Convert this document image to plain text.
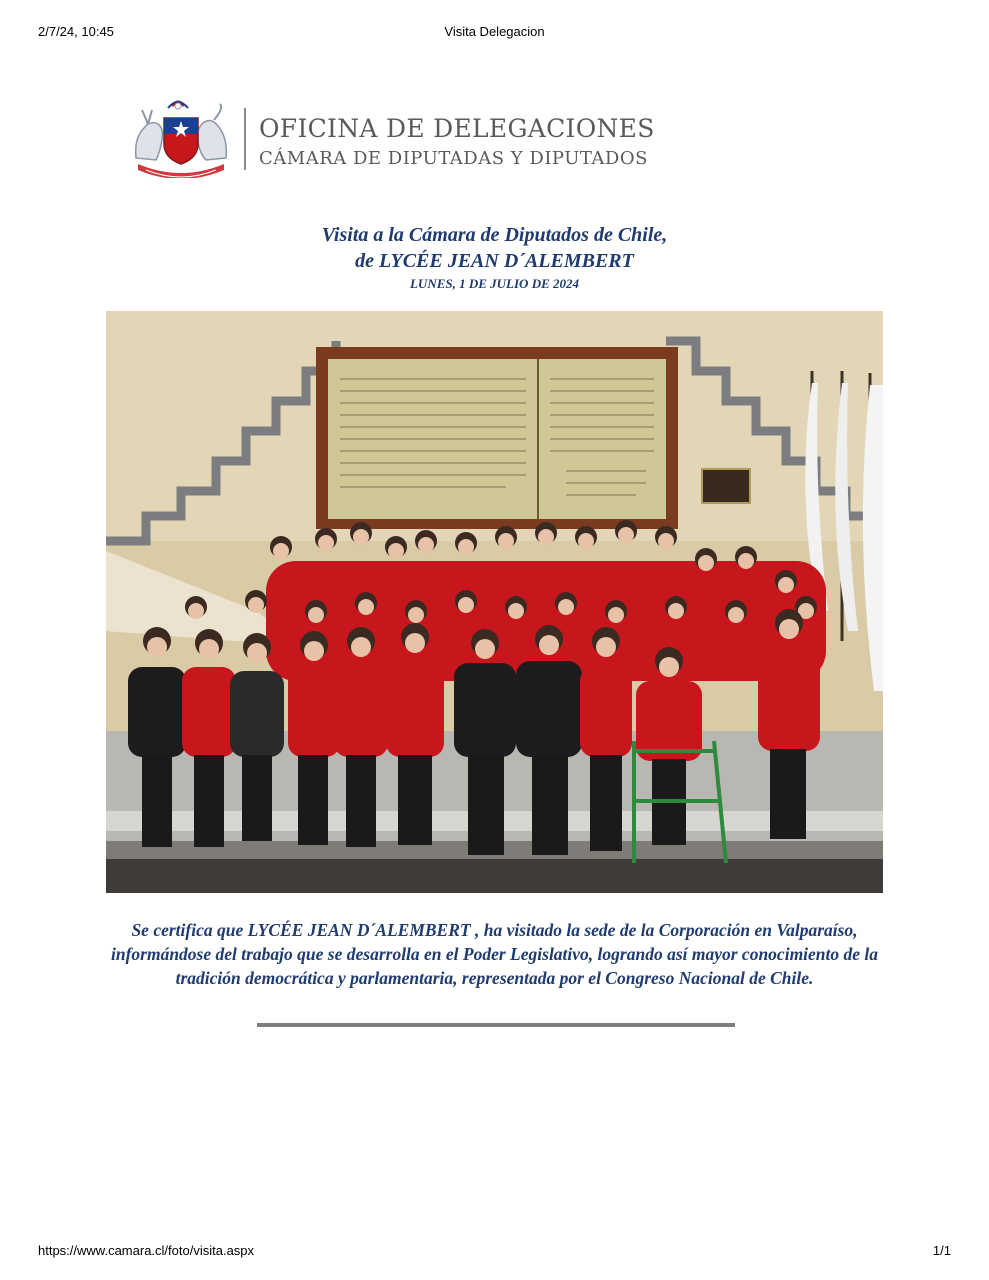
2/7/24, 10:45	Visita Delegacion
OFICINA DE DELEGACIONES
CÁMARA DE DIPUTADAS Y DIPUTADOS
Visita a la Cámara de Diputados de Chile,
de LYCÉE JEAN D´ALEMBERT
LUNES, 1 DE JULIO DE 2024
Se certifica que LYCÉE JEAN D´ALEMBERT , ha visitado la sede de la Corporación en Valparaíso, informándose del trabajo que se desarrolla en el Poder Legislativo, logrando así mayor conocimiento de la tradición democrática y parlamentaria, representada por el Congreso Nacional de Chile.
https://www.camara.cl/foto/visita.aspx	1/1
